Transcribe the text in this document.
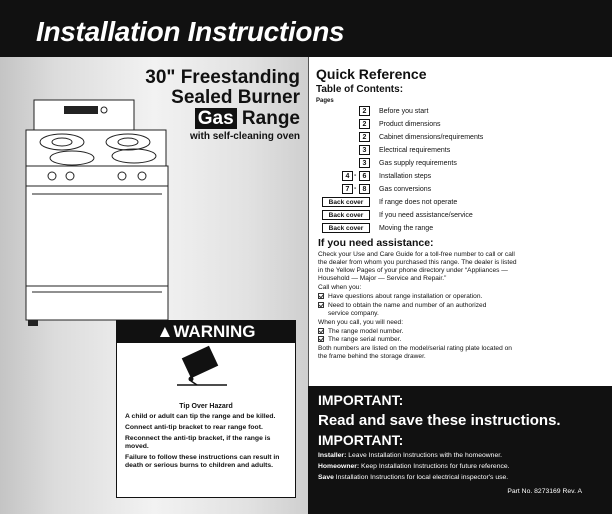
Installation Instructions
30" Freestanding
Sealed Burner
Gas Range
with self-cleaning oven
▲WARNING
Tip Over Hazard

A child or adult can tip the range and be killed.

Connect anti-tip bracket to rear range foot.

Reconnect the anti-tip bracket, if the range is moved.

Failure to follow these instructions can result in death or serious burns to children and adults.

Quick Reference
Table of Contents:
Pages
2	Before you start
2	Product dimensions
2	Cabinet dimensions/requirements
3	Electrical requirements
3	Gas supply requirements
4 - 6	Installation steps
7 - 8	Gas conversions
Back cover	If range does not operate
Back cover	If you need assistance/service
Back cover	Moving the range
If you need assistance:
Check your Use and Care Guide for a toll-free number to call or call
the dealer from whom you purchased this range. The dealer is listed
in the Yellow Pages of your phone directory under “Appliances —
Household — Major — Service and Repair.”
Call when you:
Have questions about range installation or operation.
Need to obtain the name and number of an authorized
service company.
When you call, you will need:
The range model number.
The range serial number.
Both numbers are listed on the model/serial rating plate located on
the frame behind the storage drawer.
IMPORTANT:
Read and save these instructions.
IMPORTANT:
Installer: Leave Installation Instructions with the homeowner.
Homeowner: Keep Installation Instructions for future reference.
Save Installation Instructions for local electrical inspector's use.
Part No. 8273169 Rev. A
